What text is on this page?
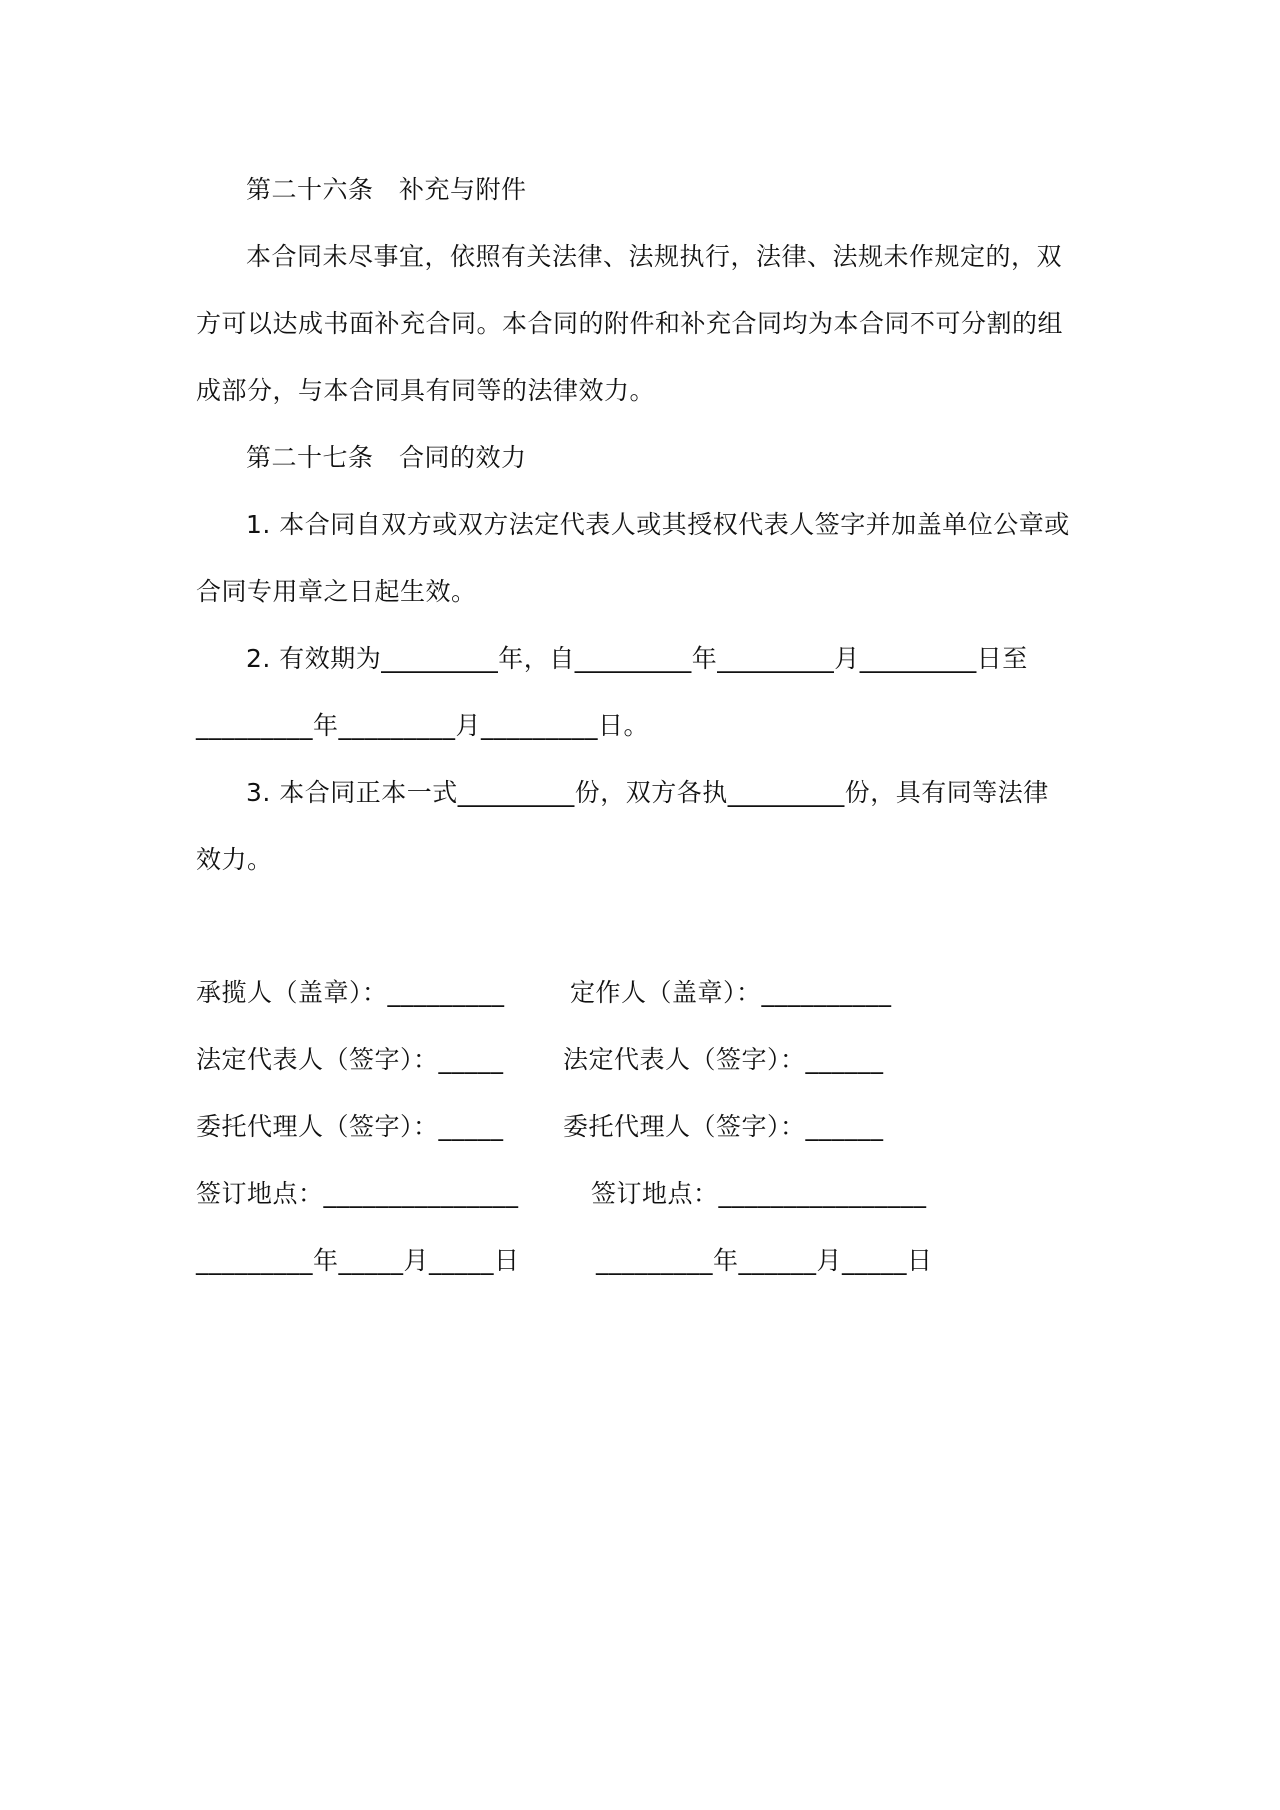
第二十六条　补充与附件
本合同未尽事宜，依照有关法律、法规执行，法律、法规未作规定的，双
方可以达成书面补充合同。本合同的附件和补充合同均为本合同不可分割的组
成部分，与本合同具有同等的法律效力。
第二十七条　合同的效力
1. 本合同自双方或双方法定代表人或其授权代表人签字并加盖单位公章或
合同专用章之日起生效。
2. 有效期为_________年，自_________年_________月_________日至
_________年_________月_________日。
3. 本合同正本一式_________份，双方各执_________份，具有同等法律
效力。
承揽人（盖章）：_________	定作人（盖章）：__________
法定代表人（签字）：_____ 法定代表人（签字）：______
委托代理人（签字）：_____ 委托代理人（签字）：______
签订地点：_______________	签订地点：________________
_________年_____月_____日	_________年______月_____日
